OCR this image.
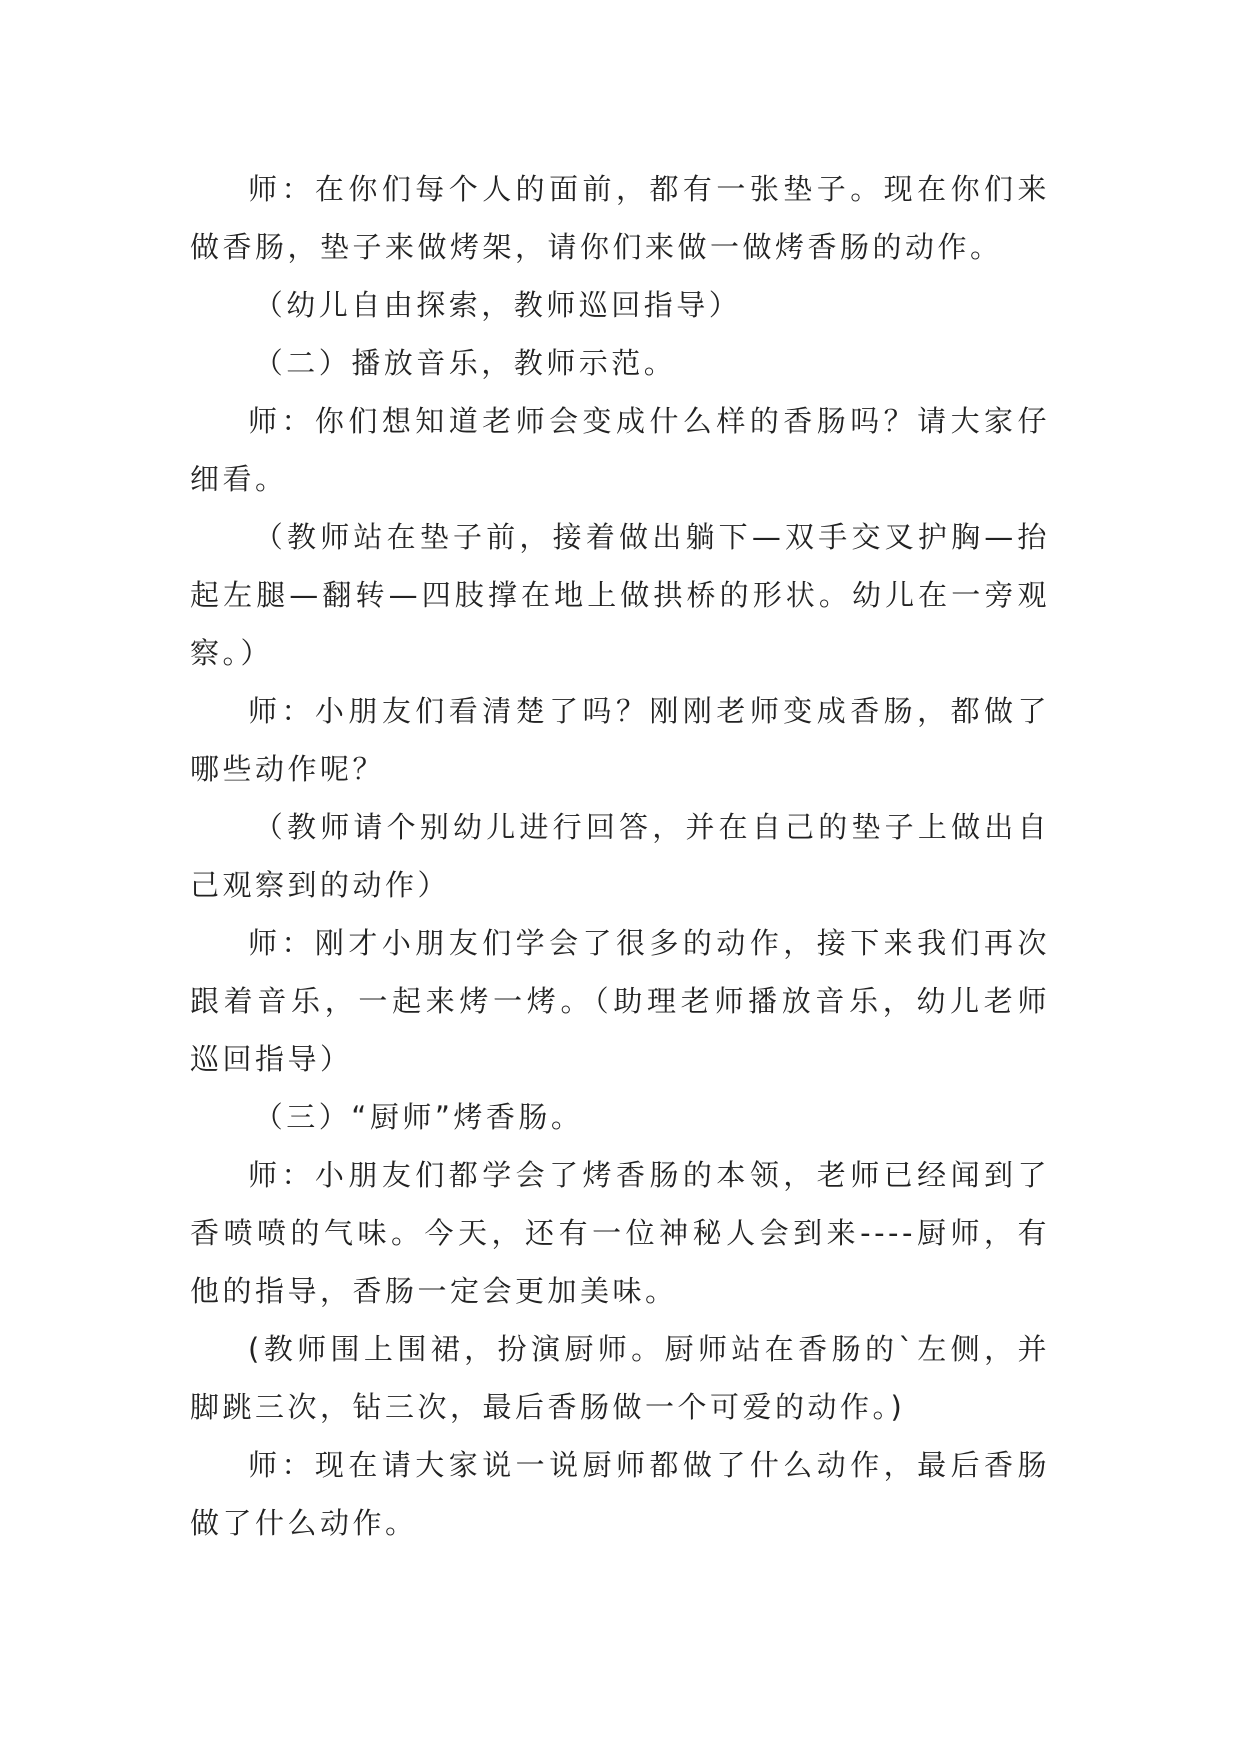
师：在你们每个人的面前，都有一张垫子。现在你们来做香肠，垫子来做烤架，请你们来做一做烤香肠的动作。

（幼儿自由探索，教师巡回指导）

（二）播放音乐，教师示范。

师：你们想知道老师会变成什么样的香肠吗？请大家仔细看。

（教师站在垫子前，接着做出躺下—双手交叉护胸—抬起左腿—翻转—四肢撑在地上做拱桥的形状。幼儿在一旁观察。）

师：小朋友们看清楚了吗？刚刚老师变成香肠，都做了哪些动作呢？

（教师请个别幼儿进行回答，并在自己的垫子上做出自己观察到的动作）

师：刚才小朋友们学会了很多的动作，接下来我们再次跟着音乐，一起来烤一烤。（助理老师播放音乐，幼儿老师巡回指导）

（三）“厨师”烤香肠。

师：小朋友们都学会了烤香肠的本领，老师已经闻到了香喷喷的气味。今天，还有一位神秘人会到来----厨师，有他的指导，香肠一定会更加美味。

(教师围上围裙，扮演厨师。厨师站在香肠的`左侧，并脚跳三次，钻三次，最后香肠做一个可爱的动作。)

师：现在请大家说一说厨师都做了什么动作，最后香肠做了什么动作。
